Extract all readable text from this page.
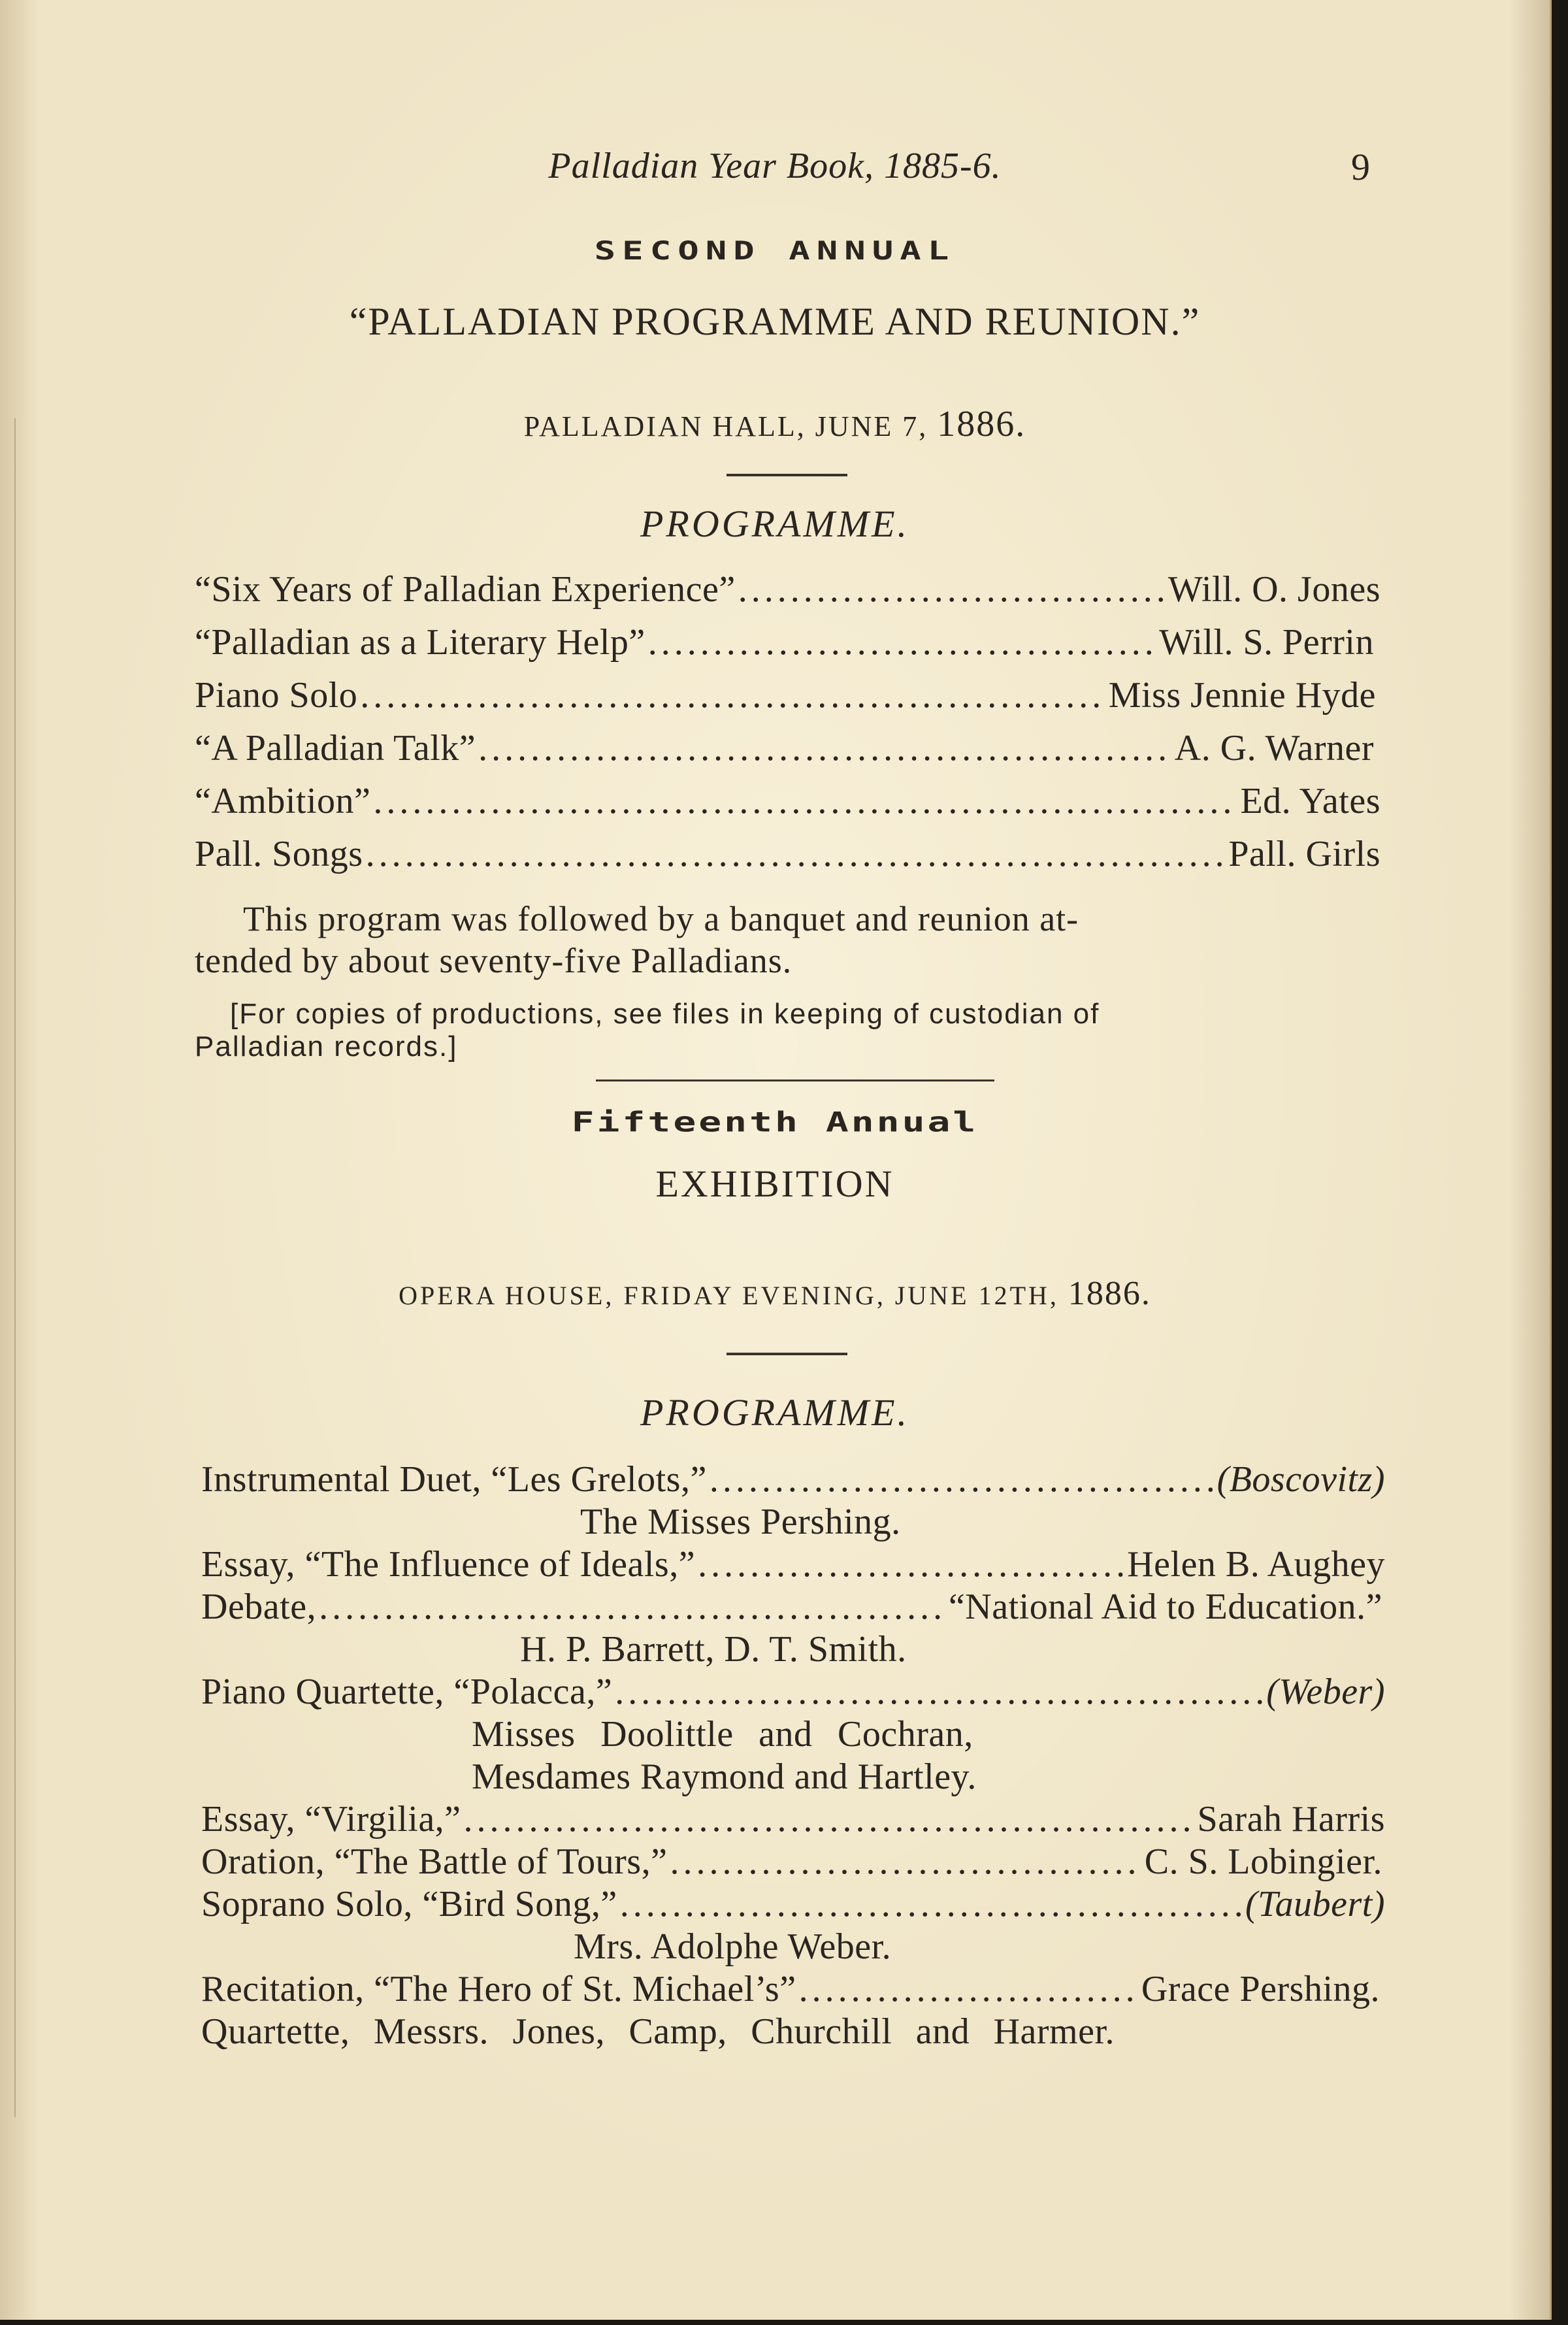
Palladian Year Book, 1885-6.	9
SECOND ANNUAL
“PALLADIAN PROGRAMME AND REUNION.”
PALLADIAN HALL, JUNE 7, 1886.
PROGRAMME.
“Six Years of Palladian Experience” .....	Will. O. Jones
“Palladian as a Literary Help” .....	Will. S. Perrin
Piano Solo .....	Miss Jennie Hyde
“A Palladian Talk” .....	A. G. Warner
“Ambition” .....	Ed. Yates
Pall. Songs .....	Pall. Girls
This program was followed by a banquet and reunion at-
tended by about seventy-five Palladians.
[For copies of productions, see files in keeping of custodian of
Palladian records.]
Fifteenth Annual
EXHIBITION
OPERA HOUSE, FRIDAY EVENING, JUNE 12TH, 1886.
PROGRAMME.
Instrumental Duet, “Les Grelots,” .....	(Boscovitz)
The Misses Pershing.
Essay, “The Influence of Ideals,” .....	Helen B. Aughey
Debate, .....	“National Aid to Education.”
H. P. Barrett, D. T. Smith.
Piano Quartette, “Polacca,” .....	(Weber)
Misses Doolittle and Cochran,
Mesdames Raymond and Hartley.
Essay, “Virgilia,” .....	Sarah Harris
Oration, “The Battle of Tours,” .....	C. S. Lobingier.
Soprano Solo, “Bird Song,” .....	(Taubert)
Mrs. Adolphe Weber.
Recitation, “The Hero of St. Michael’s” .....	Grace Pershing.
Quartette, Messrs. Jones, Camp, Churchill and Harmer.
